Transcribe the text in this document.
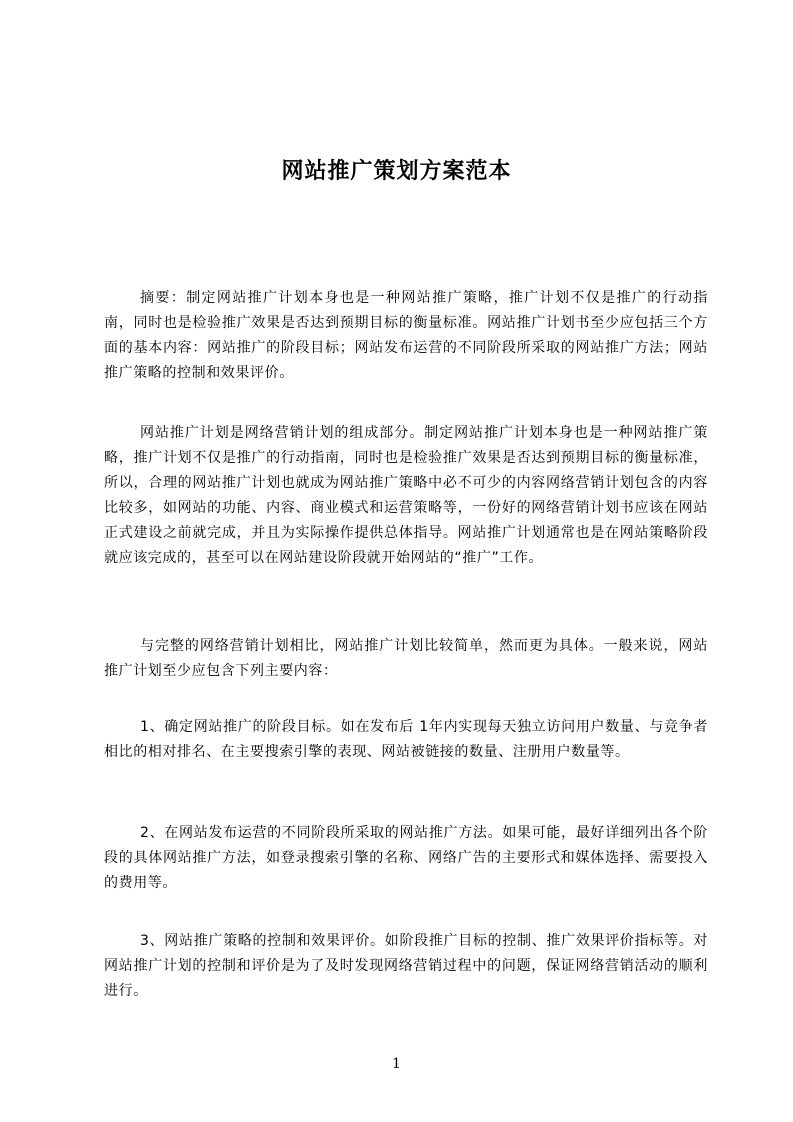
网站推广策划方案范本

摘要：制定网站推广计划本身也是一种网站推广策略，推广计划不仅是推广的行动指南，同时也是检验推广效果是否达到预期目标的衡量标准。网站推广计划书至少应包括三个方面的基本内容：网站推广的阶段目标；网站发布运营的不同阶段所采取的网站推广方法；网站推广策略的控制和效果评价。

网站推广计划是网络营销计划的组成部分。制定网站推广计划本身也是一种网站推广策略，推广计划不仅是推广的行动指南，同时也是检验推广效果是否达到预期目标的衡量标准，所以，合理的网站推广计划也就成为网站推广策略中必不可少的内容网络营销计划包含的内容比较多，如网站的功能、内容、商业模式和运营策略等，一份好的网络营销计划书应该在网站正式建设之前就完成，并且为实际操作提供总体指导。网站推广计划通常也是在网站策略阶段就应该完成的，甚至可以在网站建设阶段就开始网站的“推广”工作。

与完整的网络营销计划相比，网站推广计划比较简单，然而更为具体。一般来说，网站推广计划至少应包含下列主要内容：

1、确定网站推广的阶段目标。如在发布后 1年内实现每天独立访问用户数量、与竞争者相比的相对排名、在主要搜索引擎的表现、网站被链接的数量、注册用户数量等。

2、在网站发布运营的不同阶段所采取的网站推广方法。如果可能，最好详细列出各个阶段的具体网站推广方法，如登录搜索引擎的名称、网络广告的主要形式和媒体选择、需要投入的费用等。

3、网站推广策略的控制和效果评价。如阶段推广目标的控制、推广效果评价指标等。对网站推广计划的控制和评价是为了及时发现网络营销过程中的问题，保证网络营销活动的顺利进行。

1
